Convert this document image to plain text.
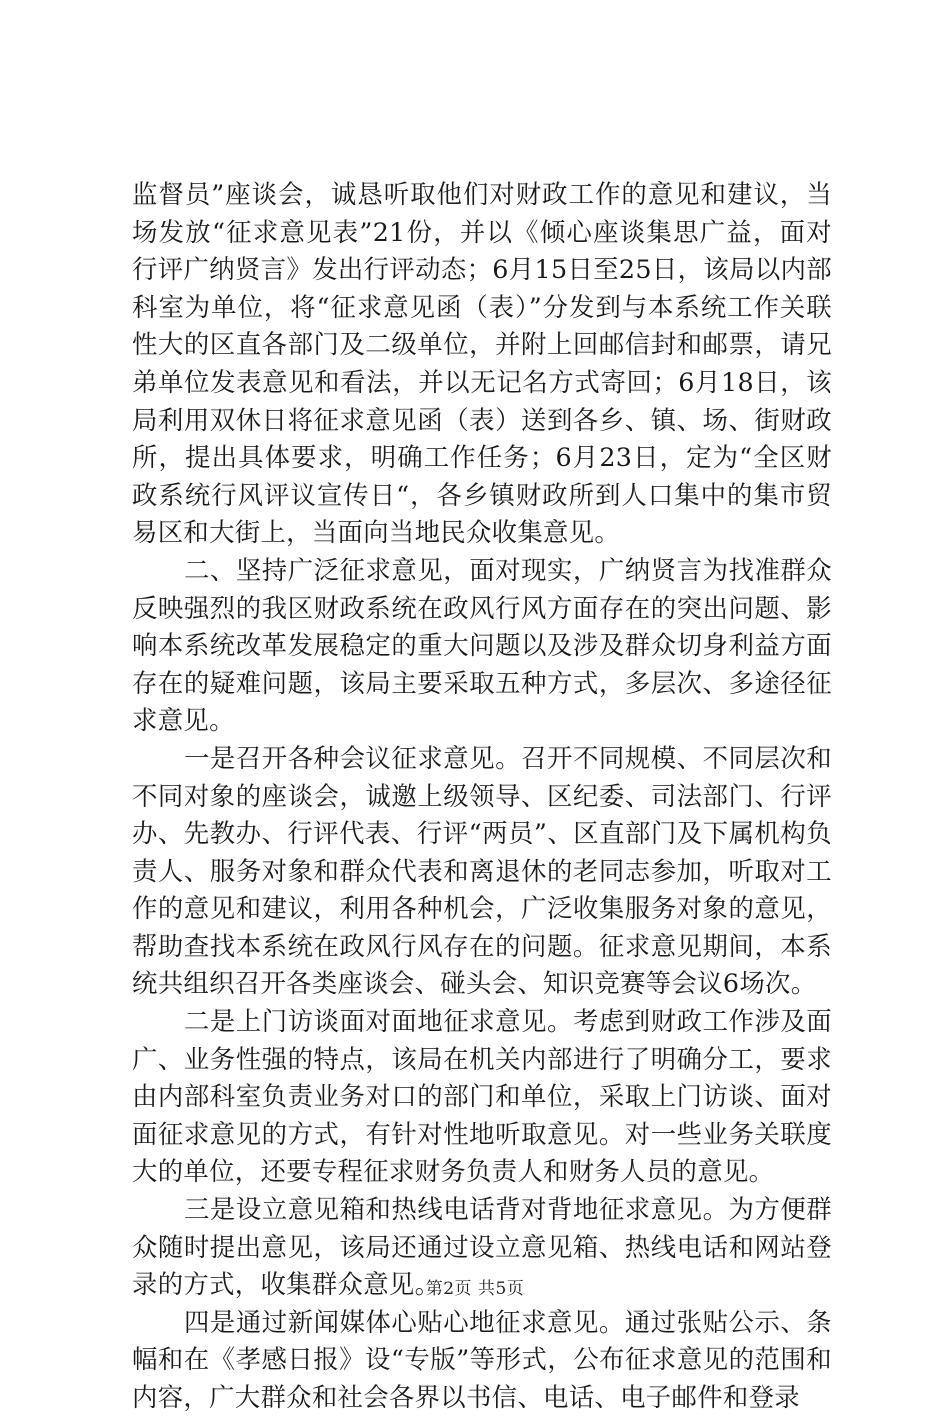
监督员”座谈会，诚恳听取他们对财政工作的意见和建议，当场发放“征求意见表”21份，并以《倾心座谈集思广益，面对行评广纳贤言》发出行评动态；6月15日至25日，该局以内部科室为单位，将“征求意见函（表）”分发到与本系统工作关联性大的区直各部门及二级单位，并附上回邮信封和邮票，请兄弟单位发表意见和看法，并以无记名方式寄回；6月18日，该局利用双休日将征求意见函（表）送到各乡、镇、场、街财政所，提出具体要求，明确工作任务；6月23日，定为“全区财政系统行风评议宣传日“，各乡镇财政所到人口集中的集市贸易区和大街上，当面向当地民众收集意见。

二、坚持广泛征求意见，面对现实，广纳贤言为找准群众反映强烈的我区财政系统在政风行风方面存在的突出问题、影响本系统改革发展稳定的重大问题以及涉及群众切身利益方面存在的疑难问题，该局主要采取五种方式，多层次、多途径征求意见。

一是召开各种会议征求意见。召开不同规模、不同层次和不同对象的座谈会，诚邀上级领导、区纪委、司法部门、行评办、先教办、行评代表、行评“两员”、区直部门及下属机构负责人、服务对象和群众代表和离退休的老同志参加，听取对工作的意见和建议，利用各种机会，广泛收集服务对象的意见，帮助查找本系统在政风行风存在的问题。征求意见期间，本系统共组织召开各类座谈会、碰头会、知识竞赛等会议6场次。

二是上门访谈面对面地征求意见。考虑到财政工作涉及面广、业务性强的特点，该局在机关内部进行了明确分工，要求由内部科室负责业务对口的部门和单位，采取上门访谈、面对面征求意见的方式，有针对性地听取意见。对一些业务关联度大的单位，还要专程征求财务负责人和财务人员的意见。

三是设立意见箱和热线电话背对背地征求意见。为方便群众随时提出意见，该局还通过设立意见箱、热线电话和网站登录的方式，收集群众意见。

四是通过新闻媒体心贴心地征求意见。通过张贴公示、条幅和在《孝感日报》设“专版”等形式，公布征求意见的范围和内容，广大群众和社会各界以书信、电话、电子邮件和登录

第2页 共5页
